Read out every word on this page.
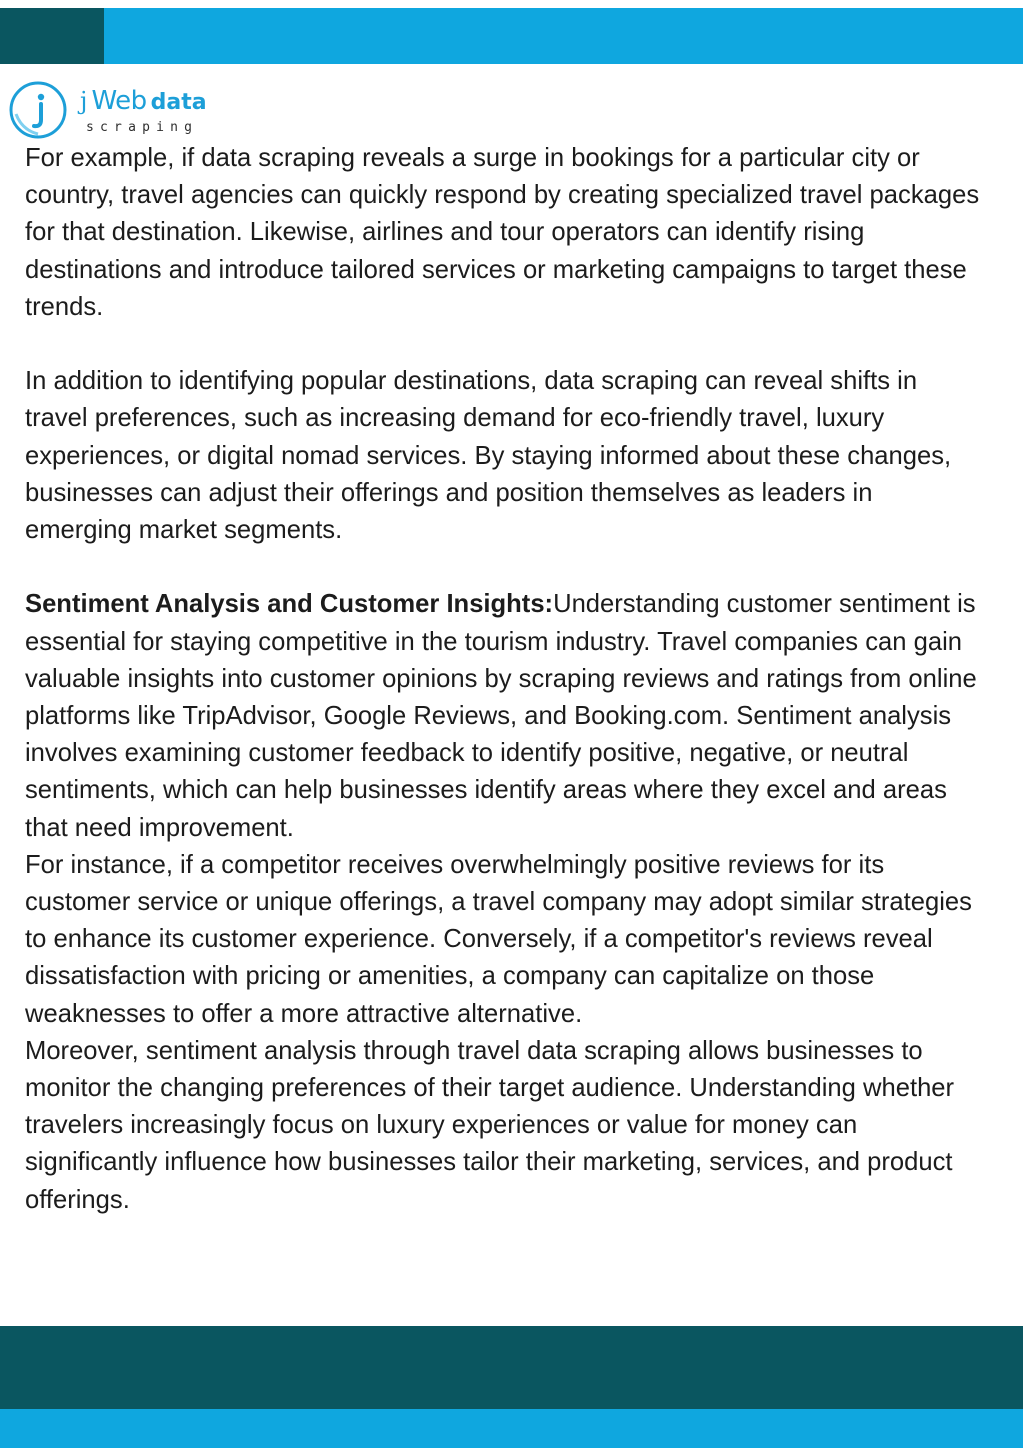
j Web data
scraping

For example, if data scraping reveals a surge in bookings for a particular city or country, travel agencies can quickly respond by creating specialized travel packages for that destination. Likewise, airlines and tour operators can identify rising destinations and introduce tailored services or marketing campaigns to target these trends.

In addition to identifying popular destinations, data scraping can reveal shifts in travel preferences, such as increasing demand for eco-friendly travel, luxury experiences, or digital nomad services. By staying informed about these changes, businesses can adjust their offerings and position themselves as leaders in emerging market segments.

Sentiment Analysis and Customer Insights:Understanding customer sentiment is essential for staying competitive in the tourism industry. Travel companies can gain valuable insights into customer opinions by scraping reviews and ratings from online platforms like TripAdvisor, Google Reviews, and Booking.com. Sentiment analysis involves examining customer feedback to identify positive, negative, or neutral sentiments, which can help businesses identify areas where they excel and areas that need improvement.

For instance, if a competitor receives overwhelmingly positive reviews for its customer service or unique offerings, a travel company may adopt similar strategies to enhance its customer experience. Conversely, if a competitor's reviews reveal dissatisfaction with pricing or amenities, a company can capitalize on those weaknesses to offer a more attractive alternative.

Moreover, sentiment analysis through travel data scraping allows businesses to monitor the changing preferences of their target audience. Understanding whether travelers increasingly focus on luxury experiences or value for money can significantly influence how businesses tailor their marketing, services, and product offerings.
